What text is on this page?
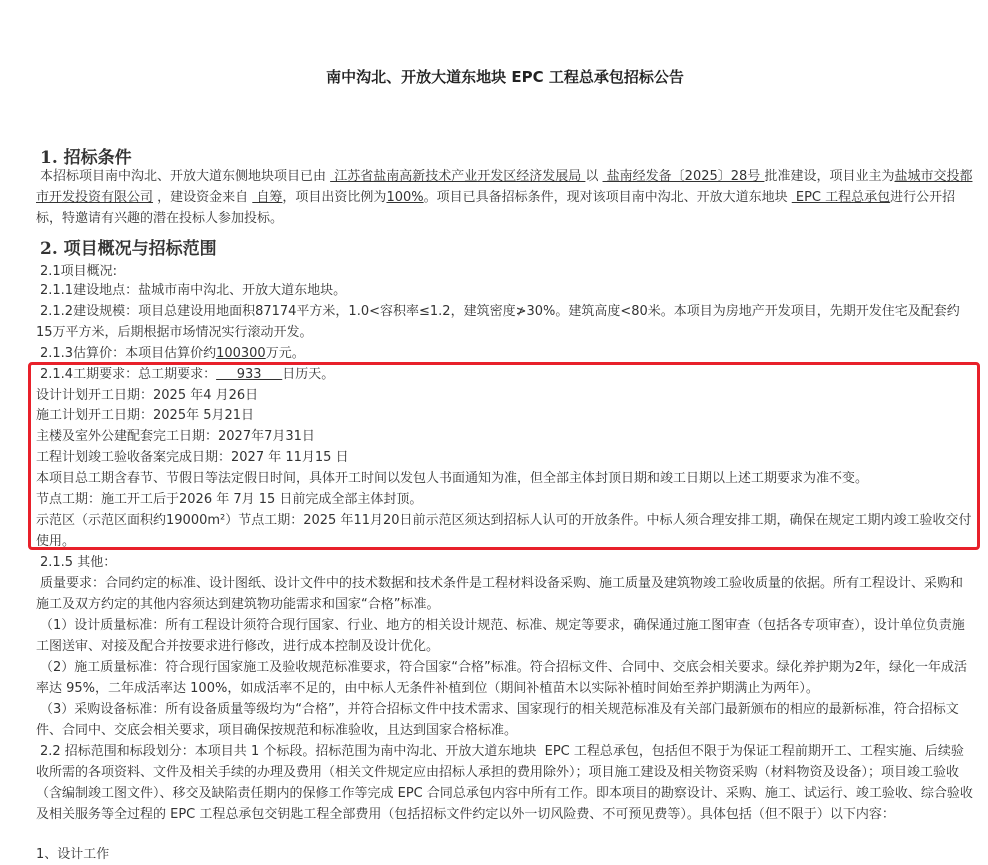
南中沟北、开放大道东地块 EPC 工程总承包招标公告
1. 招标条件
本招标项目南中沟北、开放大道东侧地块项目已由  江苏省盐南高新技术产业开发区经济发展局 以  盐南经发备〔2025〕28号 批准建设，项目业主为盐城市交投都市开发投资有限公司 ，建设资金来自  自筹，项目出资比例为100%。项目已具备招标条件，现对该项目南中沟北、开放大道东地块  EPC 工程总承包进行公开招标，特邀请有兴趣的潜在投标人参加投标。
2. 项目概况与招标范围
2.1项目概况:
2.1.1建设地点：盐城市南中沟北、开放大道东地块。
2.1.2建设规模：项目总建设用地面积87174平方米，1.0<容积率≤1.2，建筑密度≯30%。建筑高度<80米。本项目为房地产开发项目，先期开发住宅及配套约15万平方米，后期根据市场情况实行滚动开发。
2.1.3估算价：本项目估算价约100300万元。
2.1.4工期要求：总工期要求：     933     日历天。
设计计划开工日期：2025 年4 月26日
施工计划开工日期：2025年 5月21日
主楼及室外公建配套完工日期：2027年7月31日
工程计划竣工验收备案完成日期：2027 年 11月15 日
本项目总工期含春节、节假日等法定假日时间，具体开工时间以发包人书面通知为准，但全部主体封顶日期和竣工日期以上述工期要求为准不变。
节点工期：施工开工后于2026 年 7月 15 日前完成全部主体封顶。
示范区（示范区面积约19000m²）节点工期：2025 年11月20日前示范区须达到招标人认可的开放条件。中标人须合理安排工期，确保在规定工期内竣工验收交付使用。
2.1.5 其他：
质量要求：合同约定的标准、设计图纸、设计文件中的技术数据和技术条件是工程材料设备采购、施工质量及建筑物竣工验收质量的依据。所有工程设计、采购和施工及双方约定的其他内容须达到建筑物功能需求和国家“合格”标准。
（1）设计质量标准：所有工程设计须符合现行国家、行业、地方的相关设计规范、标准、规定等要求，确保通过施工图审查（包括各专项审查），设计单位负责施工图送审、对接及配合并按要求进行修改，进行成本控制及设计优化。
（2）施工质量标准：符合现行国家施工及验收规范标准要求，符合国家“合格”标准。符合招标文件、合同中、交底会相关要求。绿化养护期为2年，绿化一年成活率达 95%，二年成活率达 100%，如成活率不足的，由中标人无条件补植到位（期间补植苗木以实际补植时间始至养护期满止为两年）。
（3）采购设备标准：所有设备质量等级均为“合格”，并符合招标文件中技术需求、国家现行的相关规范标准及有关部门最新颁布的相应的最新标准，符合招标文件、合同中、交底会相关要求，项目确保按规范和标准验收，且达到国家合格标准。
2.2 招标范围和标段划分：本项目共 1 个标段。招标范围为南中沟北、开放大道东地块  EPC 工程总承包，包括但不限于为保证工程前期开工、工程实施、后续验收所需的各项资料、文件及相关手续的办理及费用（相关文件规定应由招标人承担的费用除外）；项目施工建设及相关物资采购（材料物资及设备）；项目竣工验收（含编制竣工图文件）、移交及缺陷责任期内的保修工作等完成 EPC 合同总承包内容中所有工作。即本项目的勘察设计、采购、施工、试运行、竣工验收、综合验收及相关服务等全过程的 EPC 工程总承包交钥匙工程全部费用（包括招标文件约定以外一切风险费、不可预见费等）。具体包括（但不限于）以下内容：
1、设计工作
